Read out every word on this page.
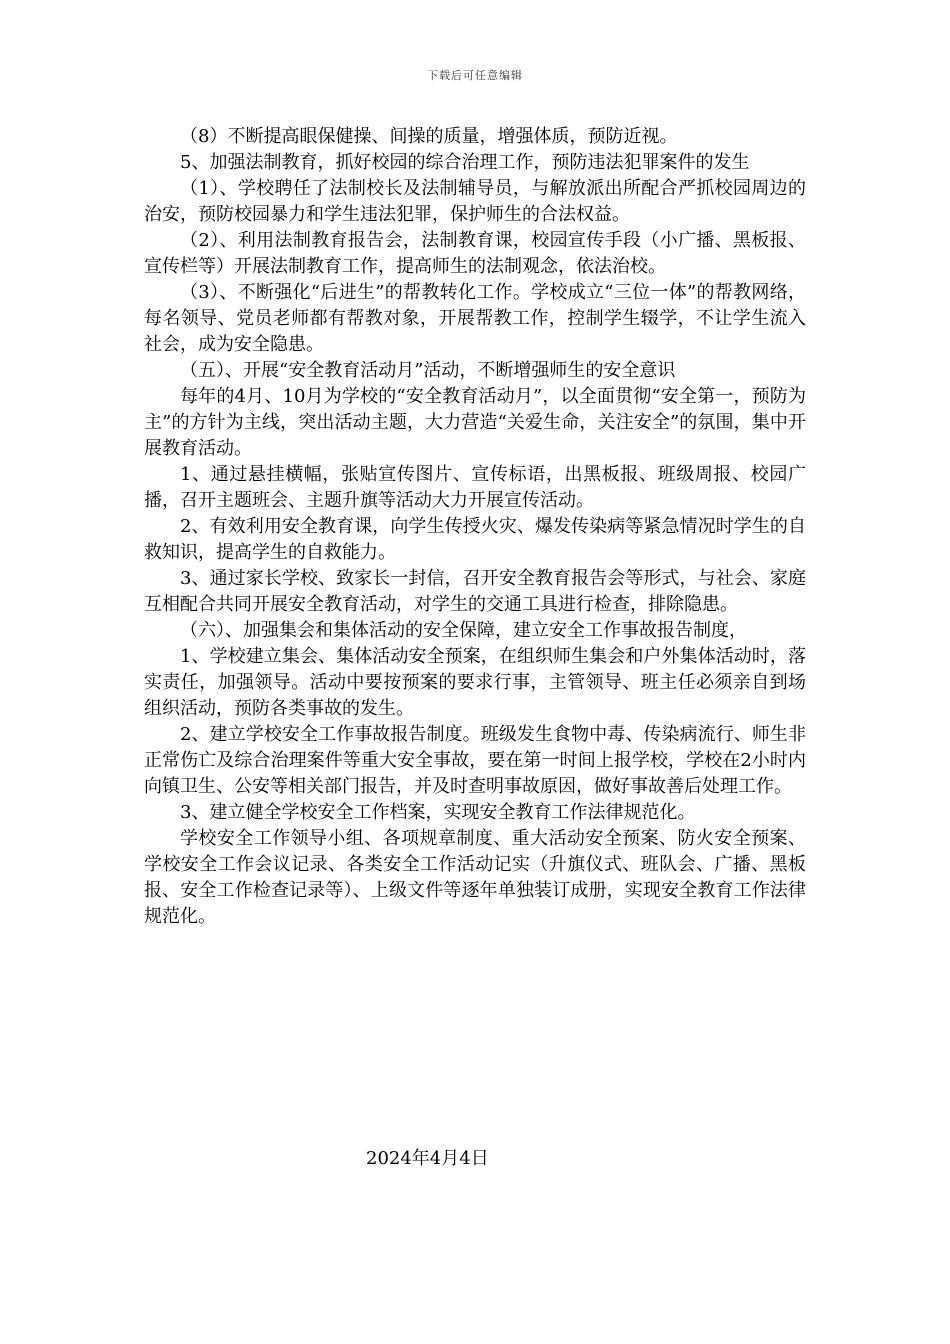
下载后可任意编辑

（8）不断提高眼保健操、间操的质量，增强体质，预防近视。

5、加强法制教育，抓好校园的综合治理工作，预防违法犯罪案件的发生

（1）、学校聘任了法制校长及法制辅导员，与解放派出所配合严抓校园周边的治安，预防校园暴力和学生违法犯罪，保护师生的合法权益。

（2）、利用法制教育报告会，法制教育课，校园宣传手段（小广播、黑板报、宣传栏等）开展法制教育工作，提高师生的法制观念，依法治校。

（3）、不断强化“后进生”的帮教转化工作。学校成立“三位一体”的帮教网络，每名领导、党员老师都有帮教对象，开展帮教工作，控制学生辍学，不让学生流入社会，成为安全隐患。

（五）、开展“安全教育活动月”活动，不断增强师生的安全意识

每年的4月、10月为学校的“安全教育活动月”，以全面贯彻“安全第一，预防为主”的方针为主线，突出活动主题，大力营造“关爱生命，关注安全”的氛围，集中开展教育活动。

1、通过悬挂横幅，张贴宣传图片、宣传标语，出黑板报、班级周报、校园广播，召开主题班会、主题升旗等活动大力开展宣传活动。

2、有效利用安全教育课，向学生传授火灾、爆发传染病等紧急情况时学生的自救知识，提高学生的自救能力。

3、通过家长学校、致家长一封信，召开安全教育报告会等形式，与社会、家庭互相配合共同开展安全教育活动，对学生的交通工具进行检查，排除隐患。

（六）、加强集会和集体活动的安全保障，建立安全工作事故报告制度，

1、学校建立集会、集体活动安全预案，在组织师生集会和户外集体活动时，落实责任，加强领导。活动中要按预案的要求行事，主管领导、班主任必须亲自到场组织活动，预防各类事故的发生。

2、建立学校安全工作事故报告制度。班级发生食物中毒、传染病流行、师生非正常伤亡及综合治理案件等重大安全事故，要在第一时间上报学校，学校在2小时内向镇卫生、公安等相关部门报告，并及时查明事故原因，做好事故善后处理工作。

3、建立健全学校安全工作档案，实现安全教育工作法律规范化。

学校安全工作领导小组、各项规章制度、重大活动安全预案、防火安全预案、学校安全工作会议记录、各类安全工作活动记实（升旗仪式、班队会、广播、黑板报、安全工作检查记录等）、上级文件等逐年单独装订成册，实现安全教育工作法律规范化。

2024年4月4日
